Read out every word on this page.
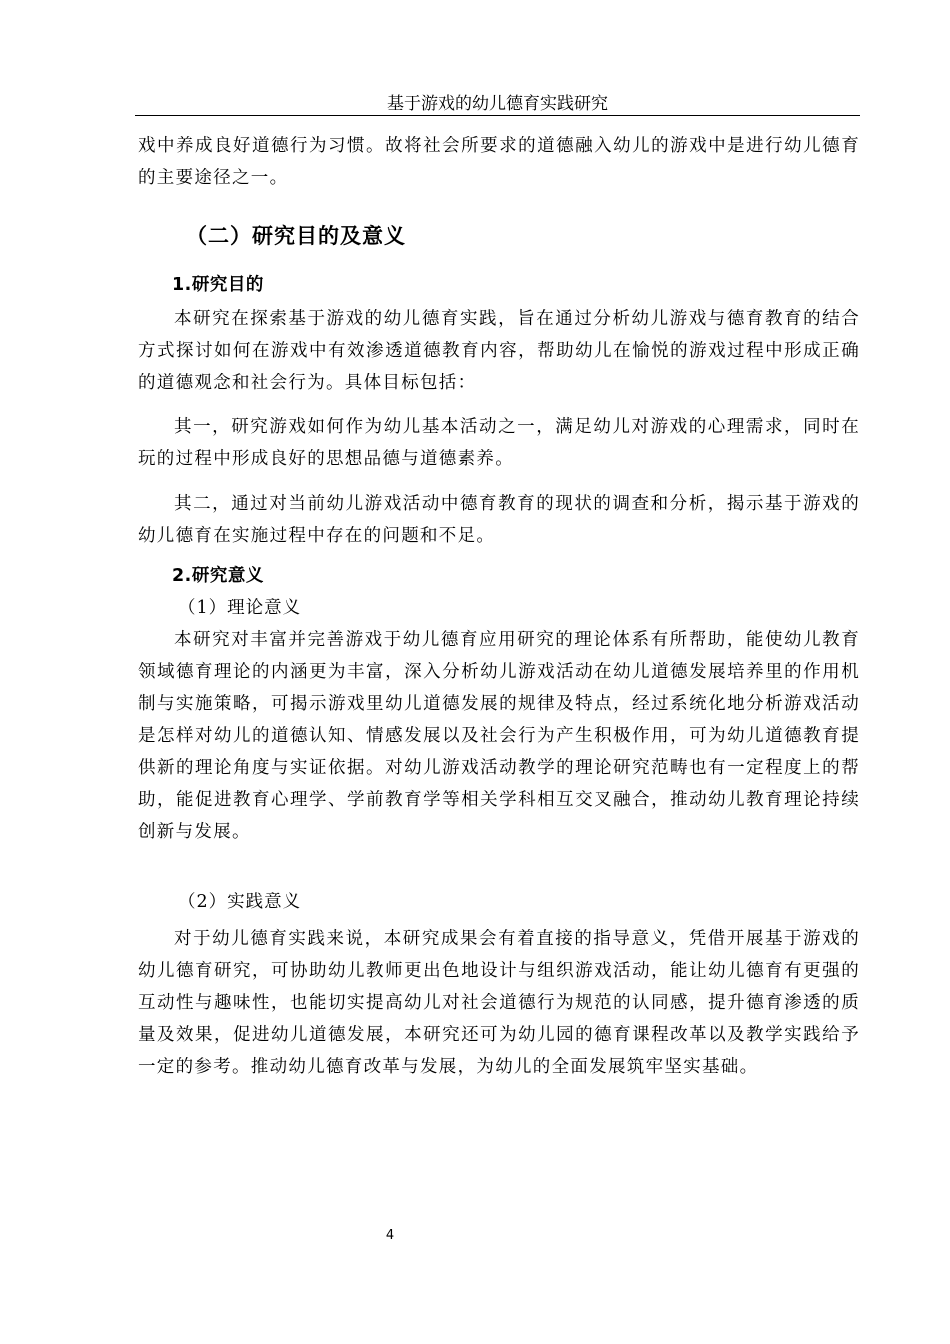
基于游戏的幼儿德育实践研究

戏中养成良好道德行为习惯。故将社会所要求的道德融入幼儿的游戏中是进行幼儿德育的主要途径之一。

（二）研究目的及意义
1.研究目的

本研究在探索基于游戏的幼儿德育实践，旨在通过分析幼儿游戏与德育教育的结合方式探讨如何在游戏中有效渗透道德教育内容，帮助幼儿在愉悦的游戏过程中形成正确的道德观念和社会行为。具体目标包括：

其一，研究游戏如何作为幼儿基本活动之一，满足幼儿对游戏的心理需求，同时在玩的过程中形成良好的思想品德与道德素养。

其二，通过对当前幼儿游戏活动中德育教育的现状的调查和分析，揭示基于游戏的幼儿德育在实施过程中存在的问题和不足。

2.研究意义
（1）理论意义

本研究对丰富并完善游戏于幼儿德育应用研究的理论体系有所帮助，能使幼儿教育领域德育理论的内涵更为丰富，深入分析幼儿游戏活动在幼儿道德发展培养里的作用机制与实施策略，可揭示游戏里幼儿道德发展的规律及特点，经过系统化地分析游戏活动是怎样对幼儿的道德认知、情感发展以及社会行为产生积极作用，可为幼儿道德教育提供新的理论角度与实证依据。对幼儿游戏活动教学的理论研究范畴也有一定程度上的帮助，能促进教育心理学、学前教育学等相关学科相互交叉融合，推动幼儿教育理论持续创新与发展。

（2）实践意义

对于幼儿德育实践来说，本研究成果会有着直接的指导意义，凭借开展基于游戏的幼儿德育研究，可协助幼儿教师更出色地设计与组织游戏活动，能让幼儿德育有更强的互动性与趣味性，也能切实提高幼儿对社会道德行为规范的认同感，提升德育渗透的质量及效果，促进幼儿道德发展，本研究还可为幼儿园的德育课程改革以及教学实践给予一定的参考。推动幼儿德育改革与发展，为幼儿的全面发展筑牢坚实基础。

4
